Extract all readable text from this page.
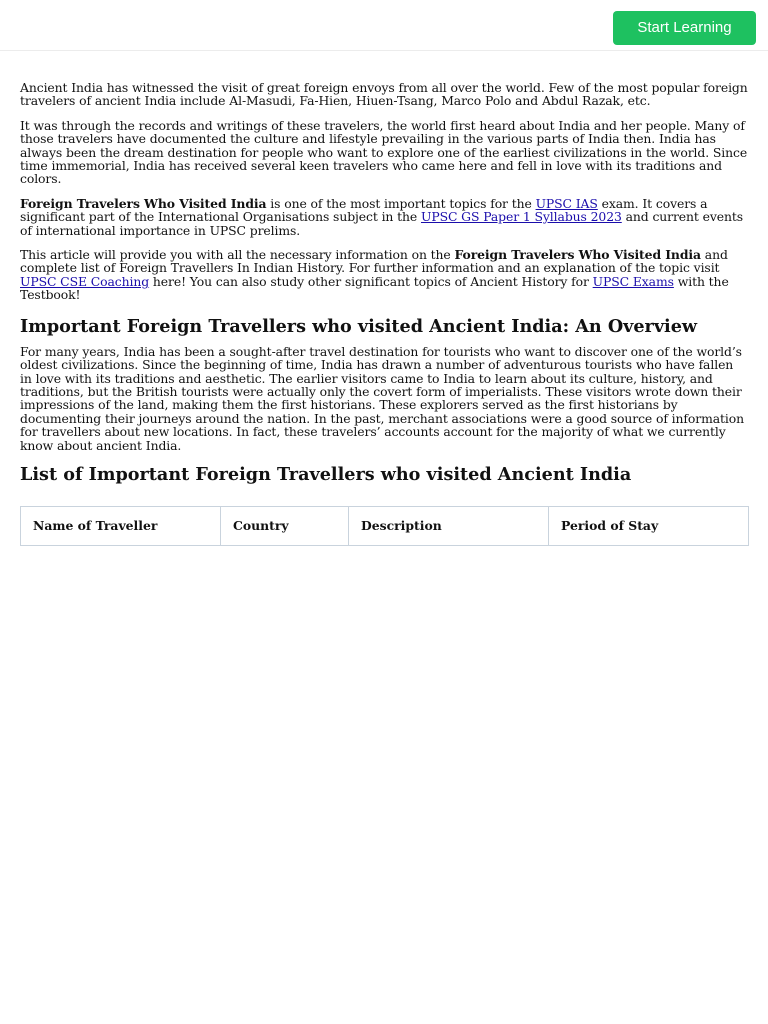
Start Learning

Ancient India has witnessed the visit of great foreign envoys from all over the world. Few of the most popular foreign travelers of ancient India include Al-Masudi, Fa-Hien, Hiuen-Tsang, Marco Polo and Abdul Razak, etc.

It was through the records and writings of these travelers, the world first heard about India and her people. Many of those travelers have documented the culture and lifestyle prevailing in the various parts of India then. India has always been the dream destination for people who want to explore one of the earliest civilizations in the world. Since time immemorial, India has received several keen travelers who came here and fell in love with its traditions and colors.

Foreign Travelers Who Visited India is one of the most important topics for the UPSC IAS exam. It covers a significant part of the International Organisations subject in the UPSC GS Paper 1 Syllabus 2023 and current events of international importance in UPSC prelims.

This article will provide you with all the necessary information on the Foreign Travelers Who Visited India and complete list of Foreign Travellers In Indian History. For further information and an explanation of the topic visit UPSC CSE Coaching here! You can also study other significant topics of Ancient History for UPSC Exams with the Testbook!

Important Foreign Travellers who visited Ancient India: An Overview

For many years, India has been a sought-after travel destination for tourists who want to discover one of the world’s oldest civilizations. Since the beginning of time, India has drawn a number of adventurous tourists who have fallen in love with its traditions and aesthetic. The earlier visitors came to India to learn about its culture, history, and traditions, but the British tourists were actually only the covert form of imperialists. These visitors wrote down their impressions of the land, making them the first historians. These explorers served as the first historians by documenting their journeys around the nation. In the past, merchant associations were a good source of information for travellers about new locations. In fact, these travelers’ accounts account for the majority of what we currently know about ancient India.

List of Important Foreign Travellers who visited Ancient India
Name of Traveller	Country	Description	Period of Stay
